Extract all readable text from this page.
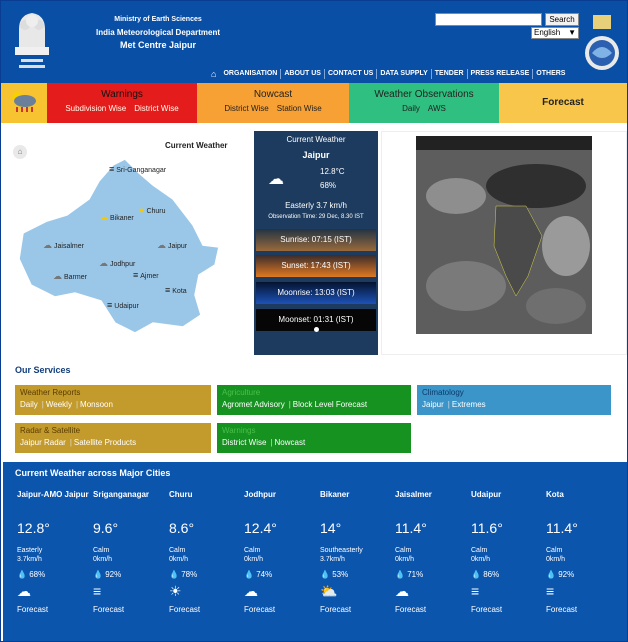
Ministry of Earth Sciences
India Meteorological Department
Met Centre Jaipur
Search
English ▼
⌂	ORGANISATION	ABOUT US	CONTACT US	DATA SUPPLY	TENDER	PRESS RELEASE	OTHERS
Warnings
Subdivision Wise District Wise
Nowcast
District Wise Station Wise
Weather Observations
Daily AWS
Forecast
⌂
Current Weather
≡ Sri-Ganganagar
● Churu
☁ Bikaner
☁ Jaipur
☁ Jaisalmer
☁ Jodhpur
≡ Ajmer
☁ Barmer
≡ Kota
≡ Udaipur
Current Weather
Jaipur
☁	12.8°C
68%
Easterly 3.7 km/h
Observation Time: 29 Dec, 8.30 IST
Sunrise: 07:15 (IST)
Sunset: 17:43 (IST)
Moonrise: 13:03 (IST)
Moonset: 01:31 (IST)
Our Services
Weather Reports
Daily | Weekly | Monsoon
Agriculture
Agromet Advisory | Block Level Forecast
Climatology
Jaipur | Extremes
Radar & Satellite
Jaipur Radar | Satellite Products
Warnings
District Wise | Nowcast
Current Weather across Major Cities
Jaipur-AMO Jaipur
12.8°
Easterly
3.7km/h
💧 68%
☁
Forecast
Sriganganagar
9.6°
Calm
0km/h
💧 92%
≡
Forecast
Churu
8.6°
Calm
0km/h
💧 78%
☀
Forecast
Jodhpur
12.4°
Calm
0km/h
💧 74%
☁
Forecast
Bikaner
14°
Southeasterly
3.7km/h
💧 53%
⛅
Forecast
Jaisalmer
11.4°
Calm
0km/h
💧 71%
☁
Forecast
Udaipur
11.6°
Calm
0km/h
💧 86%
≡
Forecast
Kota
11.4°
Calm
0km/h
💧 92%
≡
Forecast
